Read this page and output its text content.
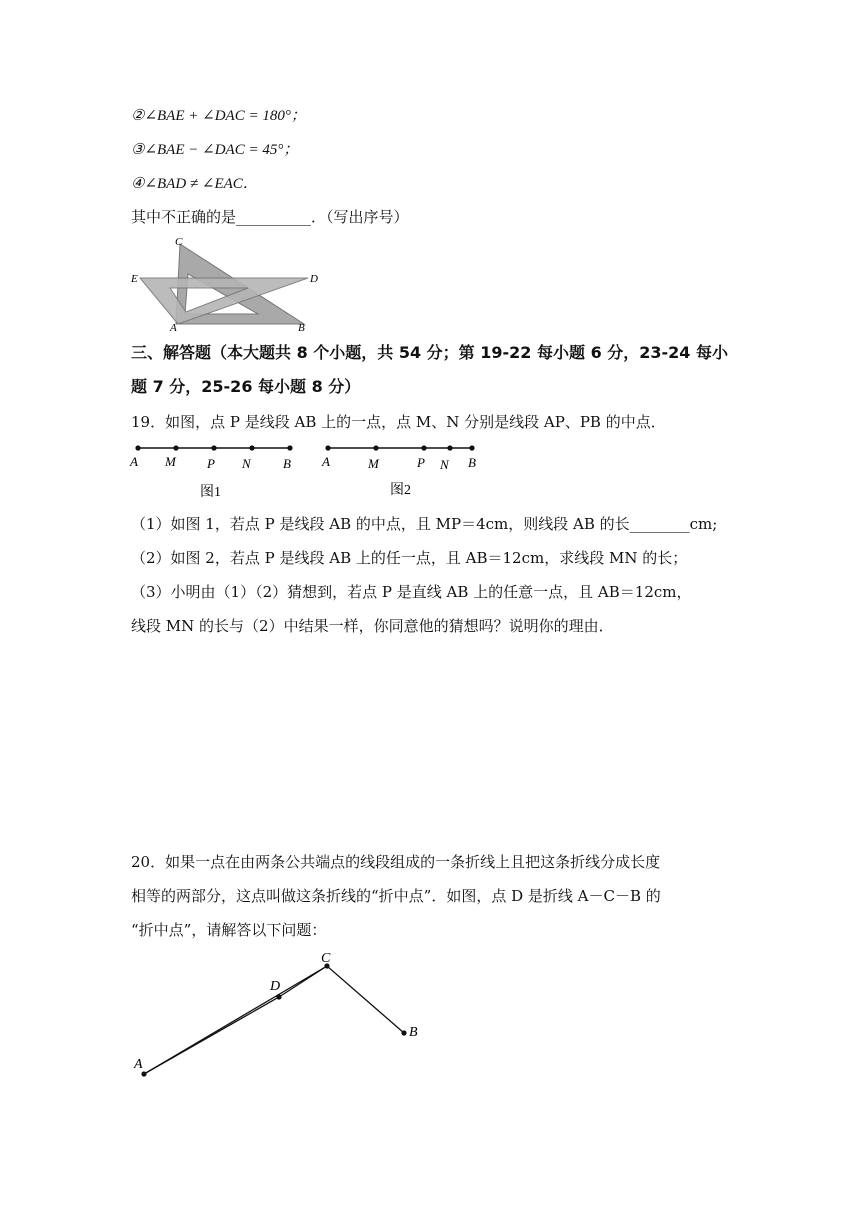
②∠BAE + ∠DAC = 180°；
③∠BAE − ∠DAC = 45°；
④∠BAD ≠ ∠EAC．
其中不正确的是__________．（写出序号）
C
E	D
A	B
三、解答题（本大题共 8 个小题，共 54 分；第 19-22 每小题 6 分，23-24 每小
题 7 分，25-26 每小题 8 分）
19．如图，点 P 是线段 AB 上的一点，点 M、N 分别是线段 AP、PB 的中点．
A M P N B
图1
A	M	P N B
图2
（1）如图 1，若点 P 是线段 AB 的中点，且 MP＝4cm，则线段 AB 的长________cm;
（2）如图 2，若点 P 是线段 AB 上的任一点，且 AB＝12cm，求线段 MN 的长；
（3）小明由（1）（2）猜想到，若点 P 是直线 AB 上的任意一点，且 AB＝12cm，
线段 MN 的长与（2）中结果一样，你同意他的猜想吗？说明你的理由．
20．如果一点在由两条公共端点的线段组成的一条折线上且把这条折线分成长度
相等的两部分，这点叫做这条折线的“折中点”．如图，点 D 是折线 A－C－B 的
“折中点”，请解答以下问题：
C
D
B
A
